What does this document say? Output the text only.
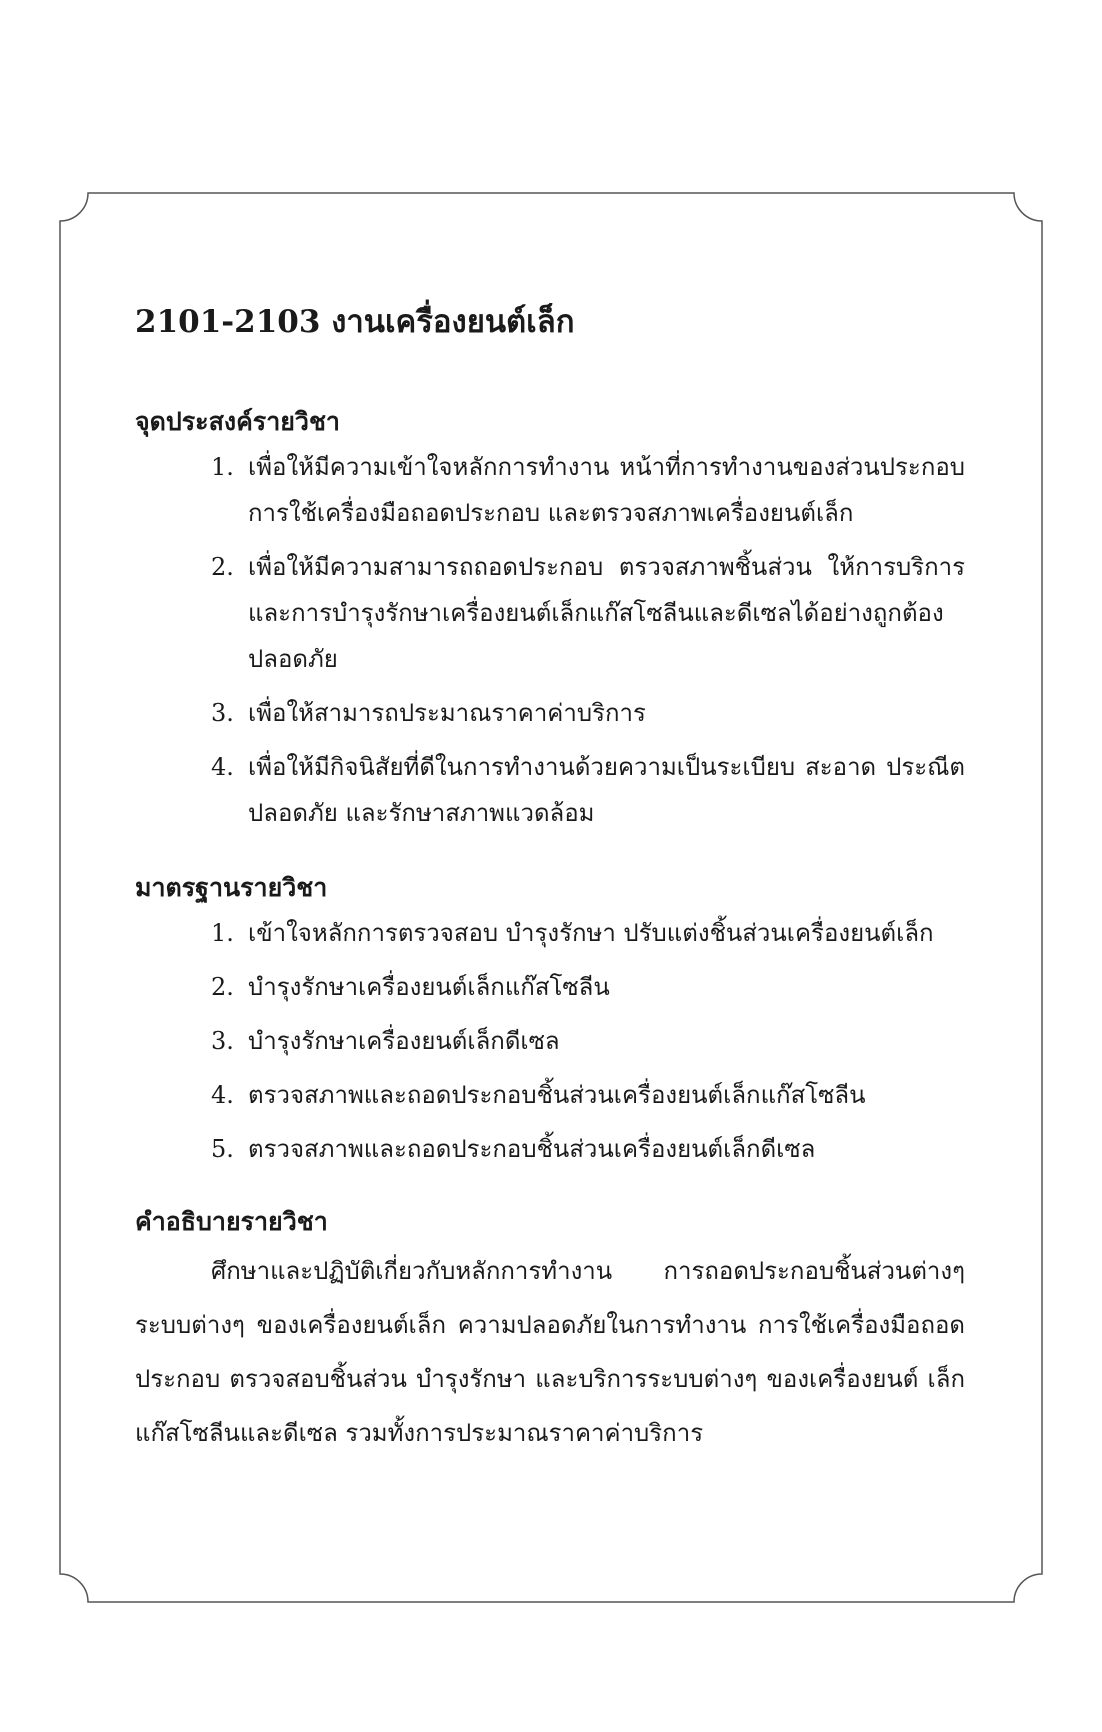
2101-2103 งานเครื่องยนต์เล็ก
จุดประสงค์รายวิชา
1. เพื่อให้มีความเข้าใจหลักการทำงาน หน้าที่การทำงานของส่วนประกอบ การใช้เครื่องมือถอดประกอบ และตรวจสภาพเครื่องยนต์เล็ก
2. เพื่อให้มีความสามารถถอดประกอบ ตรวจสภาพชิ้นส่วน ให้การบริการ และการบำรุงรักษาเครื่องยนต์เล็กแก๊สโซลีนและดีเซลได้อย่างถูกต้อง ปลอดภัย
3. เพื่อให้สามารถประมาณราคาค่าบริการ
4. เพื่อให้มีกิจนิสัยที่ดีในการทำงานด้วยความเป็นระเบียบ สะอาด ประณีต ปลอดภัย และรักษาสภาพแวดล้อม
มาตรฐานรายวิชา
1. เข้าใจหลักการตรวจสอบ บำรุงรักษา ปรับแต่งชิ้นส่วนเครื่องยนต์เล็ก
2. บำรุงรักษาเครื่องยนต์เล็กแก๊สโซลีน
3. บำรุงรักษาเครื่องยนต์เล็กดีเซล
4. ตรวจสภาพและถอดประกอบชิ้นส่วนเครื่องยนต์เล็กแก๊สโซลีน
5. ตรวจสภาพและถอดประกอบชิ้นส่วนเครื่องยนต์เล็กดีเซล
คำอธิบายรายวิชา

ศึกษาและปฏิบัติเกี่ยวกับหลักการทำงาน การถอดประกอบชิ้นส่วนต่างๆ ระบบต่างๆ ของเครื่องยนต์เล็ก ความปลอดภัยในการทำงาน การใช้เครื่องมือถอด ประกอบ ตรวจสอบชิ้นส่วน บำรุงรักษา และบริการระบบต่างๆ ของเครื่องยนต์ เล็กแก๊สโซลีนและดีเซล รวมทั้งการประมาณราคาค่าบริการ
